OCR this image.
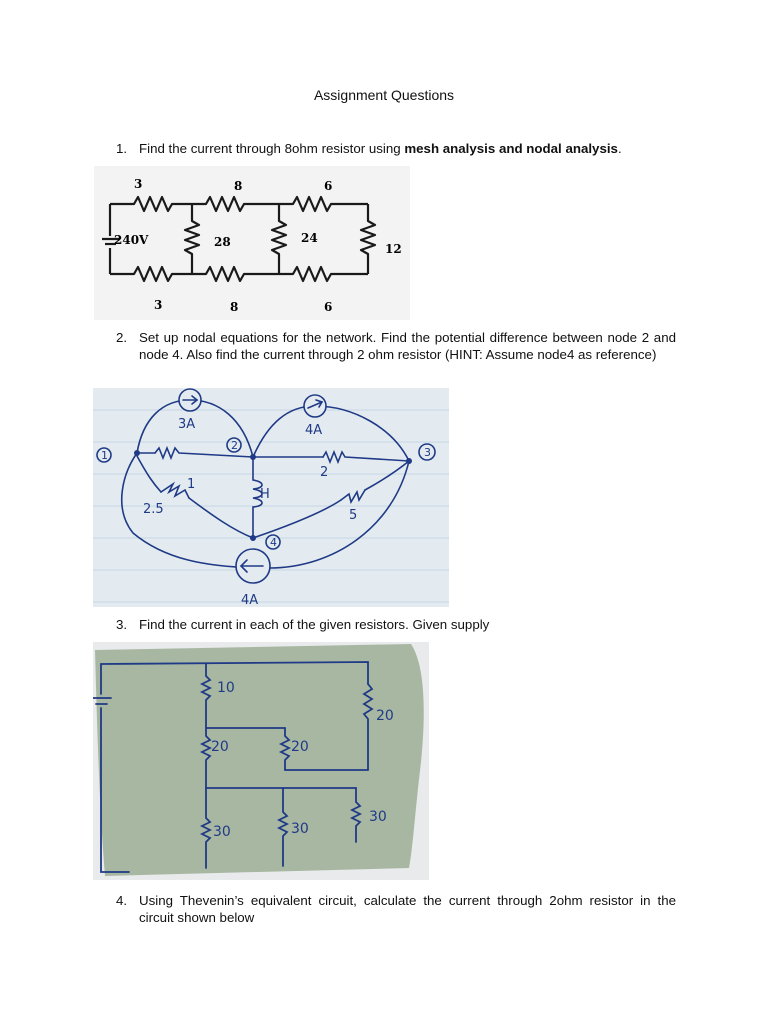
Assignment Questions
1. Find the current through 8ohm resistor using mesh analysis and nodal analysis.

240V
3	8	6
3	8	6
28	24
12
2. Set up nodal equations for the network. Find the potential difference between node 2 and node 4. Also find the current through 2 ohm resistor (HINT: Assume node4 as reference)

1
2
3
4
3A	4A
4A
1
2
2.5	5
H
3. Find the current in each of the given resistors. Given supply

10
20	20
20
30	30
30
4. Using Thevenin’s equivalent circuit, calculate the current through 2ohm resistor in the circuit shown below
